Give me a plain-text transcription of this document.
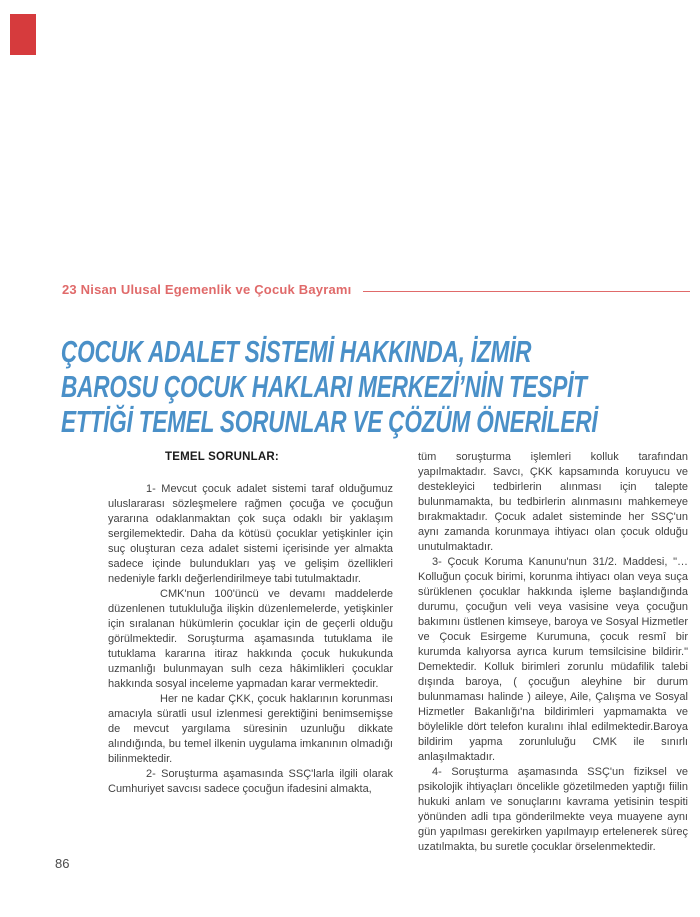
23 Nisan Ulusal Egemenlik ve Çocuk Bayramı
ÇOCUK ADALET SİSTEMİ HAKKINDA, İZMİR
BAROSU ÇOCUK HAKLARI MERKEZİ’NİN TESPİT
ETTİĞİ TEMEL SORUNLAR VE ÇÖZÜM ÖNERİLERİ
TEMEL SORUNLAR:

1- Mevcut çocuk adalet sistemi taraf olduğumuz uluslararası sözleşmelere rağmen çocuğa ve çocuğun yararına odaklanmaktan çok suça odaklı bir yaklaşım sergilemektedir. Daha da kötüsü çocuklar yetişkinler için suç oluşturan ceza adalet sistemi içerisinde yer almakta sadece içinde bulundukları yaş ve gelişim özellikleri nedeniyle farklı değerlendirilmeye tabi tutulmaktadır.

CMK'nun 100'üncü ve devamı maddelerde düzenlenen tutukluluğa ilişkin düzenlemelerde, yetişkinler için sıralanan hükümlerin çocuklar için de geçerli olduğu görülmektedir. Soruşturma aşamasında tutuklama ile tutuklama kararına itiraz hakkında çocuk hukukunda uzmanlığı bulunmayan sulh ceza hâkimlikleri çocuklar hakkında sosyal inceleme yapmadan karar vermektedir.

Her ne kadar ÇKK, çocuk haklarının korunması amacıyla süratli usul izlenmesi gerektiğini benimsemişse de mevcut yargılama süresinin uzunluğu dikkate alındığında, bu temel ilkenin uygulama imkanının olmadığı bilinmektedir.

2- Soruşturma aşamasında SSÇ'larla ilgili olarak Cumhuriyet savcısı sadece çocuğun ifadesini almakta,

tüm soruşturma işlemleri kolluk tarafından yapılmaktadır. Savcı, ÇKK kapsamında koruyucu ve destekleyici tedbirlerin alınması için talepte bulunmamakta, bu tedbirlerin alınmasını mahkemeye bırakmaktadır. Çocuk adalet sisteminde her SSÇ'un aynı zamanda korunmaya ihtiyacı olan çocuk olduğu unutulmaktadır.

3- Çocuk Koruma Kanunu'nun 31/2. Maddesi, "…Kolluğun çocuk birimi, korunma ihtiyacı olan veya suça sürüklenen çocuklar hakkında işleme başlandığında durumu, çocuğun veli veya vasisine veya çocuğun bakımını üstlenen kimseye, baroya ve Sosyal Hizmetler ve Çocuk Esirgeme Kurumuna, çocuk resmî bir kurumda kalıyorsa ayrıca kurum temsilcisine bildirir." Demektedir. Kolluk birimleri zorunlu müdafilik talebi dışında baroya, ( çocuğun aleyhine bir durum bulunmaması halinde ) aileye, Aile, Çalışma ve Sosyal Hizmetler Bakanlığı'na bildirimleri yapmamakta ve böylelikle dört telefon kuralını ihlal edilmektedir.Baroya bildirim yapma zorunluluğu CMK ile sınırlı anlaşılmaktadır.

4- Soruşturma aşamasında SSÇ'un fiziksel ve psikolojik ihtiyaçları öncelikle gözetilmeden yaptığı fiilin hukuki anlam ve sonuçlarını kavrama yetisinin tespiti yönünden adli tıpa gönderilmekte veya muayene aynı gün yapılması gerekirken yapılmayıp ertelenerek süreç uzatılmakta, bu suretle çocuklar örselenmektedir.

86
